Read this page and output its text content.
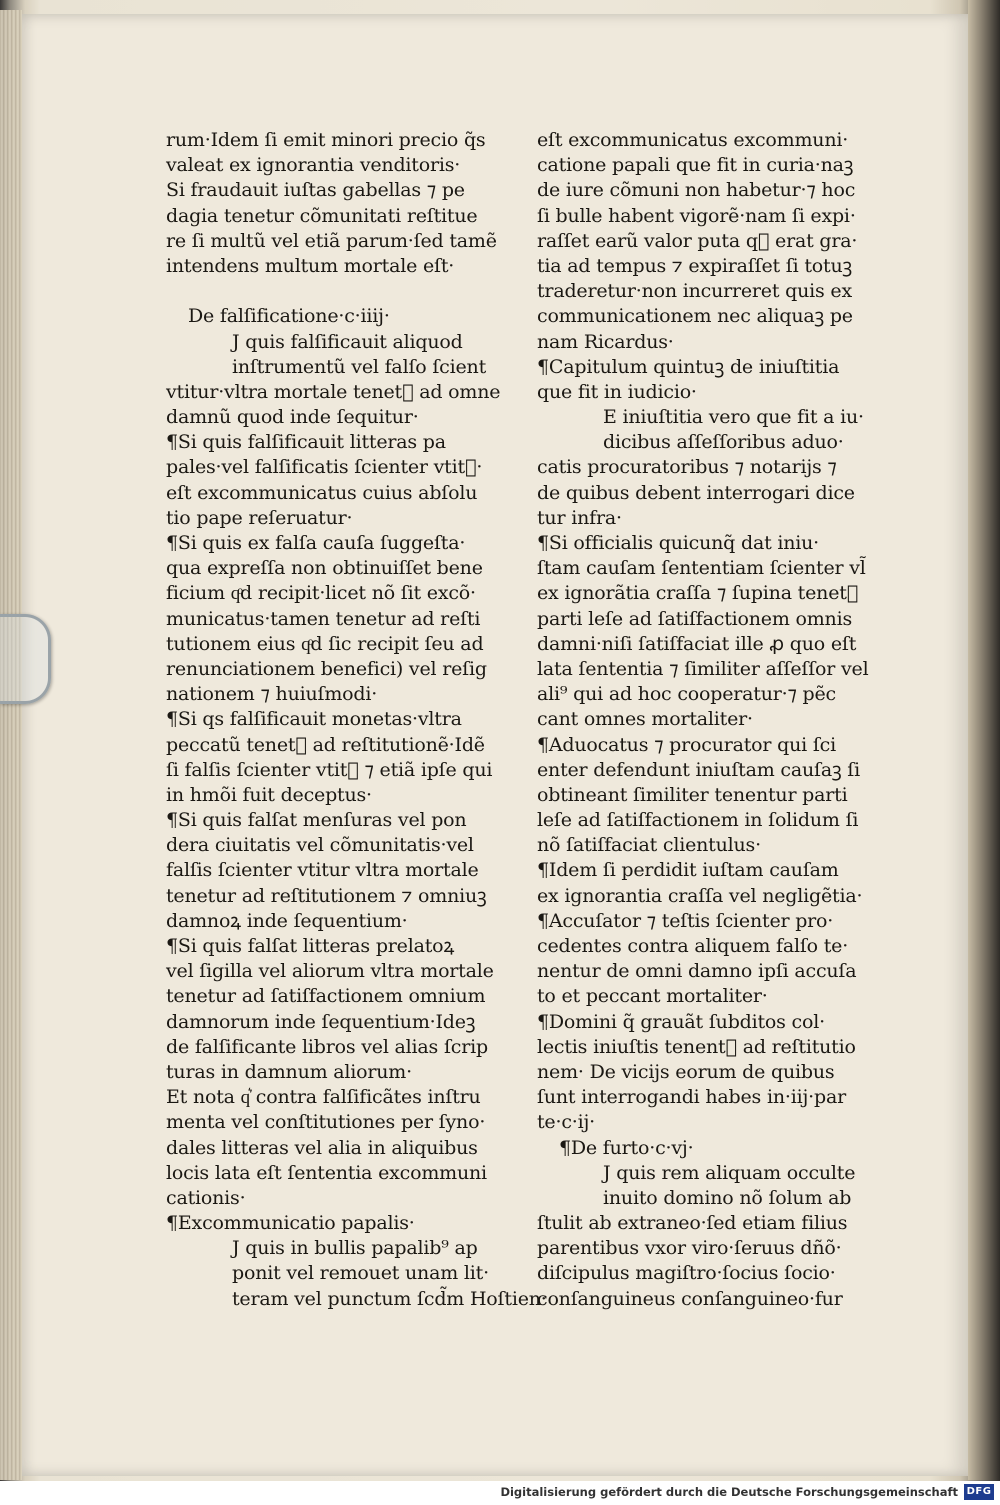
rum·Idem ſi emit minori precio q̃s
valeat ex ignorantia venditoris·
Si fraudauit iuſtas gabellas ⁊ pe
dagia tenetur cõmunitati reſtitue
re ſi multũ vel etiã parum·ſed tamẽ
intendens multum mortale eſt·
De falſificatione·c·iiij·
J quis falſificauit aliquod
inſtrumentũ vel falſo ſcient
vtitur·vltra mortale tenet᷑ ad omne
damnũ quod inde ſequitur·
¶Si quis falſificauit litteras pa
pales·vel falſificatis ſcienter vtit᷑·
eſt excommunicatus cuius abſolu
tio pape reſeruatur·
¶Si quis ex falſa cauſa ſuggeſta·
qua expreſſa non obtinuiſſet bene
ficium qͦd recipit·licet nõ ſit excõ·
municatus·tamen tenetur ad reſti
tutionem eius qͦd ſic recipit ſeu ad
renunciationem benefici) vel reſig
nationem ⁊ huiuſmodi·
¶Si qs falſificauit monetas·vltra
peccatũ tenet᷑ ad reſtitutionẽ·Idẽ
ſi falſis ſcienter vtit᷑ ⁊ etiã ipſe qui
in hmõi fuit deceptus·
¶Si quis falſat menſuras vel pon
dera ciuitatis vel cõmunitatis·vel
falſis ſcienter vtitur vltra mortale
tenetur ad reſtitutionem ⁊ omniuꝫ
damnoꝝ inde ſequentium·
¶Si quis falſat litteras prelatoꝝ
vel ſigilla vel aliorum vltra mortale
tenetur ad ſatiſfactionem omnium
damnorum inde ſequentium·Ideꝫ
de falſificante libros vel alias ſcrip
turas in damnum aliorum·
Et nota q͛ contra falſificãtes inſtru
menta vel conſtitutiones per ſyno·
dales litteras vel alia in aliquibus
locis lata eſt ſententia excommuni
cationis·
¶Excommunicatio papalis·
J quis in bullis papalib⁹ ap
ponit vel remouet unam lit·
teram vel punctum ſcd̃m Hoſtien·
eſt excommunicatus excommuni·
catione papali que fit in curia·naꝫ
de iure cõmuni non habetur·⁊ hoc
ſi bulle habent vigorẽ·nam ſi expi·
raſſet earũ valor puta q᷑ erat gra·
tia ad tempus ⁊ expiraſſet ſi totuꝫ
traderetur·non incurreret quis ex
communicationem nec aliquaꝫ pe
nam Ricardus·
¶Capitulum quintuꝫ de iniuſtitia
que fit in iudicio·
E iniuſtitia vero que fit a iu·
dicibus aſſeſſoribus aduo·
catis procuratoribus ⁊ notarijs ⁊
de quibus debent interrogari dice
tur infra·
¶Si officialis quicunq̃ dat iniu·
ſtam cauſam ſententiam ſcienter vl̃
ex ignorãtia craſſa ⁊ ſupina tenet᷑
parti leſe ad ſatiſfactionem omnis
damni·niſi ſatiſfaciat ille ꝓ quo eſt
lata ſententia ⁊ ſimiliter aſſeſſor vel
ali⁹ qui ad hoc cooperatur·⁊ pẽc
cant omnes mortaliter·
¶Aduocatus ⁊ procurator qui ſci
enter defendunt iniuſtam cauſaꝫ ſi
obtineant ſimiliter tenentur parti
leſe ad ſatiſfactionem in ſolidum ſi
nõ ſatiſfaciat clientulus·
¶Idem ſi perdidit iuſtam cauſam
ex ignorantia craſſa vel negligẽtia·
¶Accuſator ⁊ teſtis ſcienter pro·
cedentes contra aliquem falſo te·
nentur de omni damno ipſi accuſa
to et peccant mortaliter·
¶Domini q̃ grauãt ſubditos col·
lectis iniuſtis tenent᷑ ad reſtitutio
nem· De vicijs eorum de quibus
ſunt interrogandi habes in·iij·par
te·c·ij·
¶De furto·c·vj·
J quis rem aliquam occulte
inuito domino nõ ſolum ab
ſtulit ab extraneo·ſed etiam filius
parentibus vxor viro·ſeruus dñõ·
diſcipulus magiſtro·ſocius ſocio·
conſanguineus conſanguineo·fur
Digitalisierung gefördert durch die Deutsche Forschungsgemeinschaft DFG
